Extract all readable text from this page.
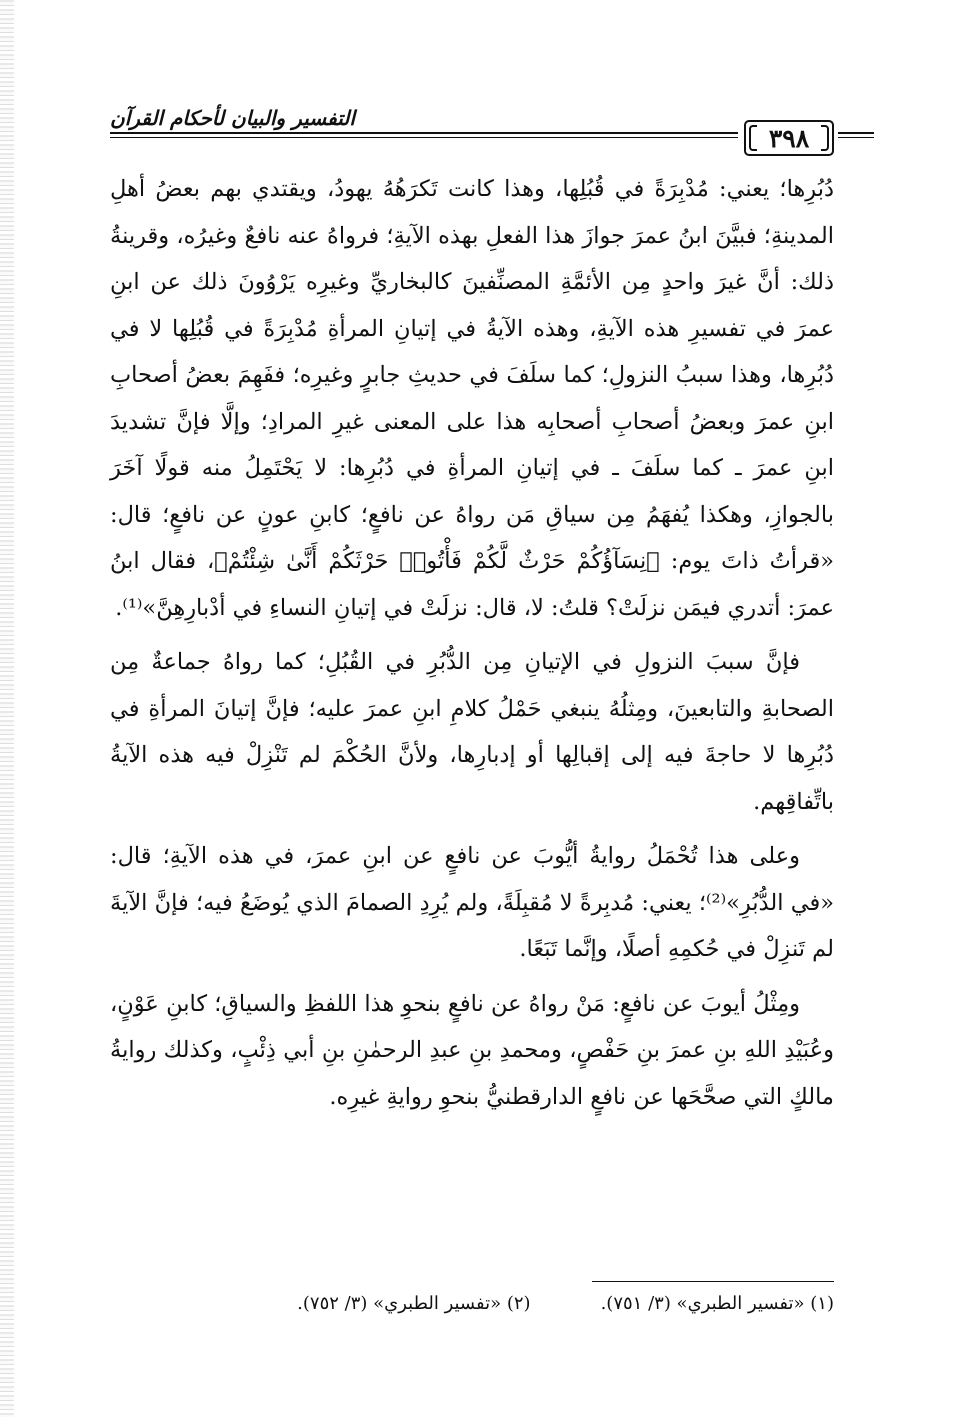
التفسير والبيان لأحكام القرآن
٣٩٨

دُبُرِها؛ يعني: مُدْبِرَةً في قُبُلِها، وهذا كانت تَكرَهُهُ يهودُ، ويقتدي بهم بعضُ أهلِ المدينةِ؛ فبيَّنَ ابنُ عمرَ جوازَ هذا الفعلِ بهذه الآيةِ؛ فرواهُ عنه نافعٌ وغيرُه، وقرينةُ ذلك: أنَّ غيرَ واحدٍ مِن الأئمَّةِ المصنِّفينَ كالبخاريِّ وغيرِه يَرْوُونَ ذلك عن ابنِ عمرَ في تفسيرِ هذه الآيةِ، وهذه الآيةُ في إتيانِ المرأةِ مُدْبِرَةً في قُبُلِها لا في دُبُرِها، وهذا سببُ النزولِ؛ كما سلَفَ في حديثِ جابرٍ وغيرِه؛ ففَهِمَ بعضُ أصحابِ ابنِ عمرَ وبعضُ أصحابِ أصحابِه هذا على المعنى غيرِ المرادِ؛ وإلَّا فإنَّ تشديدَ ابنِ عمرَ ـ كما سلَفَ ـ في إتيانِ المرأةِ في دُبُرِها: لا يَحْتَمِلُ منه قولًا آخَرَ بالجوازِ، وهكذا يُفهَمُ مِن سياقِ مَن رواهُ عن نافعٍ؛ كابنِ عونٍ عن نافعٍ؛ قال: «قرأتُ ذاتَ يوم: ﴿نِسَآؤُكُمْ حَرْثٌ لَّكُمْ فَأْتُوا۟ حَرْثَكُمْ أَنَّىٰ شِئْتُمْ﴾، فقال ابنُ عمرَ: أتدري فيمَن نزلَتْ؟ قلتُ: لا، قال: نزلَتْ في إتيانِ النساءِ في أدْبارِهِنَّ»⁽¹⁾.

فإنَّ سببَ النزولِ في الإتيانِ مِن الدُّبُرِ في القُبُلِ؛ كما رواهُ جماعةٌ مِن الصحابةِ والتابعينَ، ومِثلُهُ ينبغي حَمْلُ كلامِ ابنِ عمرَ عليه؛ فإنَّ إتيانَ المرأةِ في دُبُرِها لا حاجةَ فيه إلى إقبالِها أو إدبارِها، ولأنَّ الحُكْمَ لم تَنْزِلْ فيه هذه الآيةُ باتِّفاقِهم.

وعلى هذا تُحْمَلُ روايةُ أيُّوبَ عن نافعٍ عن ابنِ عمرَ، في هذه الآيةِ؛ قال: «في الدُّبُرِ»⁽²⁾؛ يعني: مُدبِرةً لا مُقبِلَةً، ولم يُرِدِ الصمامَ الذي يُوضَعُ فيه؛ فإنَّ الآيةَ لم تَنزِلْ في حُكمِهِ أصلًا، وإنَّما تَبَعًا.

ومِثْلُ أيوبَ عن نافعٍ: مَنْ رواهُ عن نافعٍ بنحوِ هذا اللفظِ والسياقِ؛ كابنِ عَوْنٍ، وعُبَيْدِ اللهِ بنِ عمرَ بنِ حَفْصٍ، ومحمدِ بنِ عبدِ الرحمٰنِ بنِ أبي ذِئْبٍ، وكذلك روايةُ مالكٍ التي صحَّحَها عن نافعٍ الدارقطنيُّ بنحوِ روايةِ غيرِه.

(١) «تفسير الطبري» (٣/ ٧٥١).
(٢) «تفسير الطبري» (٣/ ٧٥٢).
